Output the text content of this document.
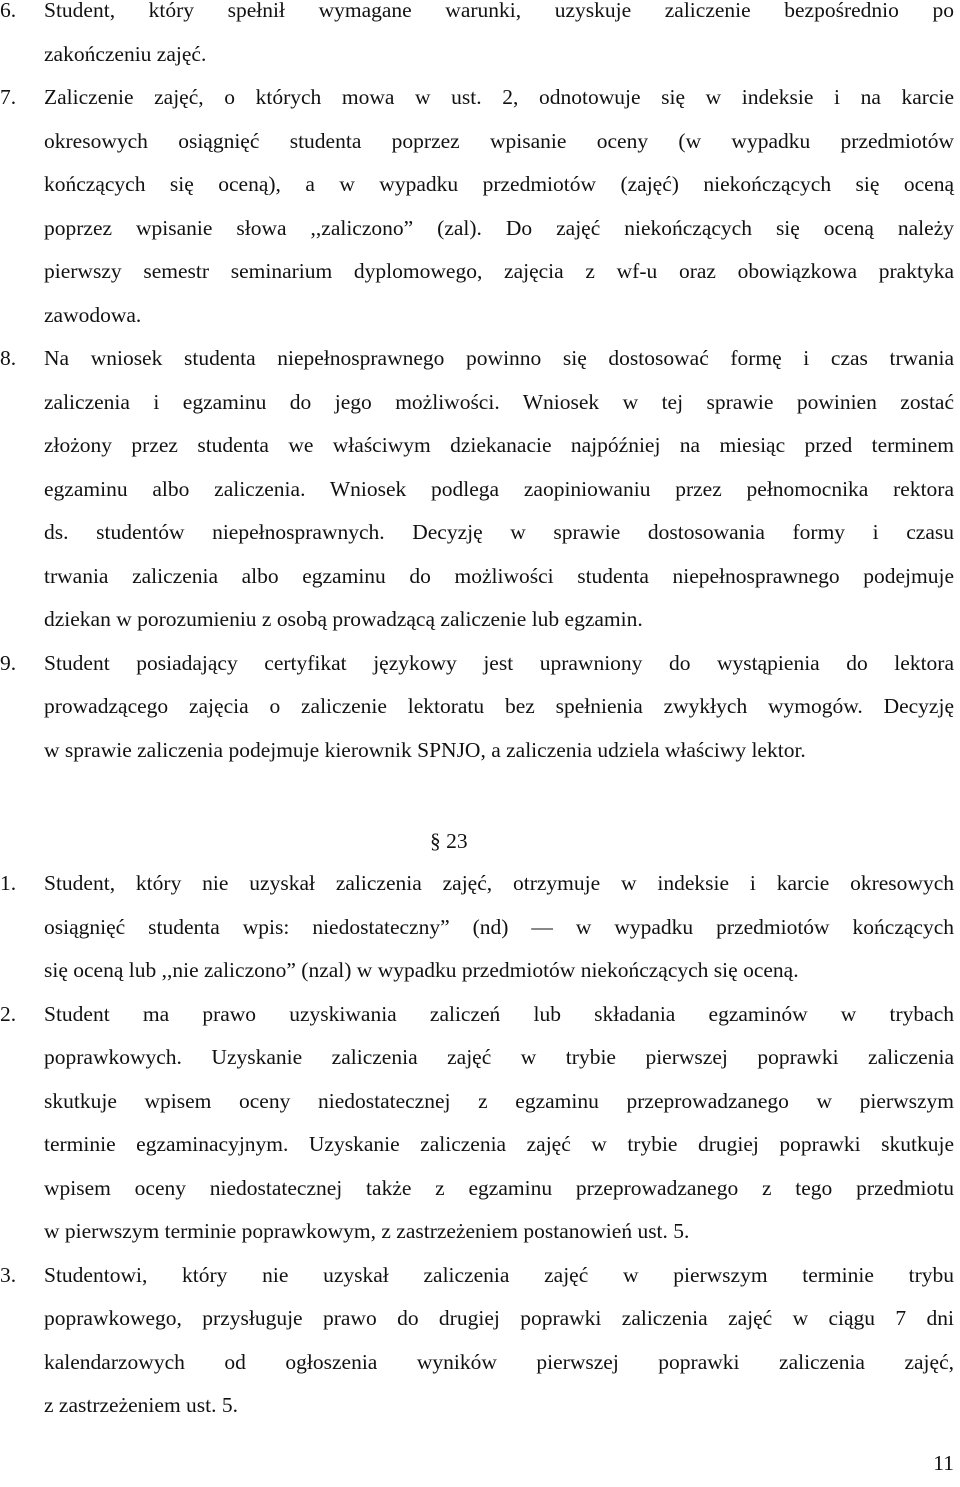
6. Student, który spełnił wymagane warunki, uzyskuje zaliczenie bezpośrednio po
zakończeniu zajęć.
7. Zaliczenie zajęć, o których mowa w ust. 2, odnotowuje się w indeksie i na karcie
okresowych osiągnięć studenta poprzez wpisanie oceny (w wypadku przedmiotów
kończących się oceną), a w wypadku przedmiotów (zajęć) niekończących się oceną
poprzez wpisanie słowa ,,zaliczono” (zal). Do zajęć niekończących się oceną należy
pierwszy semestr seminarium dyplomowego, zajęcia z wf-u oraz obowiązkowa praktyka
zawodowa.
8. Na wniosek studenta niepełnosprawnego powinno się dostosować formę i czas trwania
zaliczenia i egzaminu do jego możliwości. Wniosek w tej sprawie powinien zostać
złożony przez studenta we właściwym dziekanacie najpóźniej na miesiąc przed terminem
egzaminu albo zaliczenia. Wniosek podlega zaopiniowaniu przez pełnomocnika rektora
ds. studentów niepełnosprawnych. Decyzję w sprawie dostosowania formy i czasu
trwania zaliczenia albo egzaminu do możliwości studenta niepełnosprawnego podejmuje
dziekan w porozumieniu z osobą prowadzącą zaliczenie lub egzamin.
9. Student posiadający certyfikat językowy jest uprawniony do wystąpienia do lektora
prowadzącego zajęcia o zaliczenie lektoratu bez spełnienia zwykłych wymogów. Decyzję
w sprawie zaliczenia podejmuje kierownik SPNJO, a zaliczenia udziela właściwy lektor.
§ 23
1. Student, który nie uzyskał zaliczenia zajęć, otrzymuje w indeksie i karcie okresowych
osiągnięć studenta wpis: niedostateczny” (nd) — w wypadku przedmiotów kończących
się oceną lub ,,nie zaliczono” (nzal) w wypadku przedmiotów niekończących się oceną.
2. Student ma prawo uzyskiwania zaliczeń lub składania egzaminów w trybach
poprawkowych. Uzyskanie zaliczenia zajęć w trybie pierwszej poprawki zaliczenia
skutkuje wpisem oceny niedostatecznej z egzaminu przeprowadzanego w pierwszym
terminie egzaminacyjnym. Uzyskanie zaliczenia zajęć w trybie drugiej poprawki skutkuje
wpisem oceny niedostatecznej także z egzaminu przeprowadzanego z tego przedmiotu
w pierwszym terminie poprawkowym, z zastrzeżeniem postanowień ust. 5.
3. Studentowi, który nie uzyskał zaliczenia zajęć w pierwszym terminie trybu
poprawkowego, przysługuje prawo do drugiej poprawki zaliczenia zajęć w ciągu 7 dni
kalendarzowych od ogłoszenia wyników pierwszej poprawki zaliczenia zajęć,
z zastrzeżeniem ust. 5.
11
